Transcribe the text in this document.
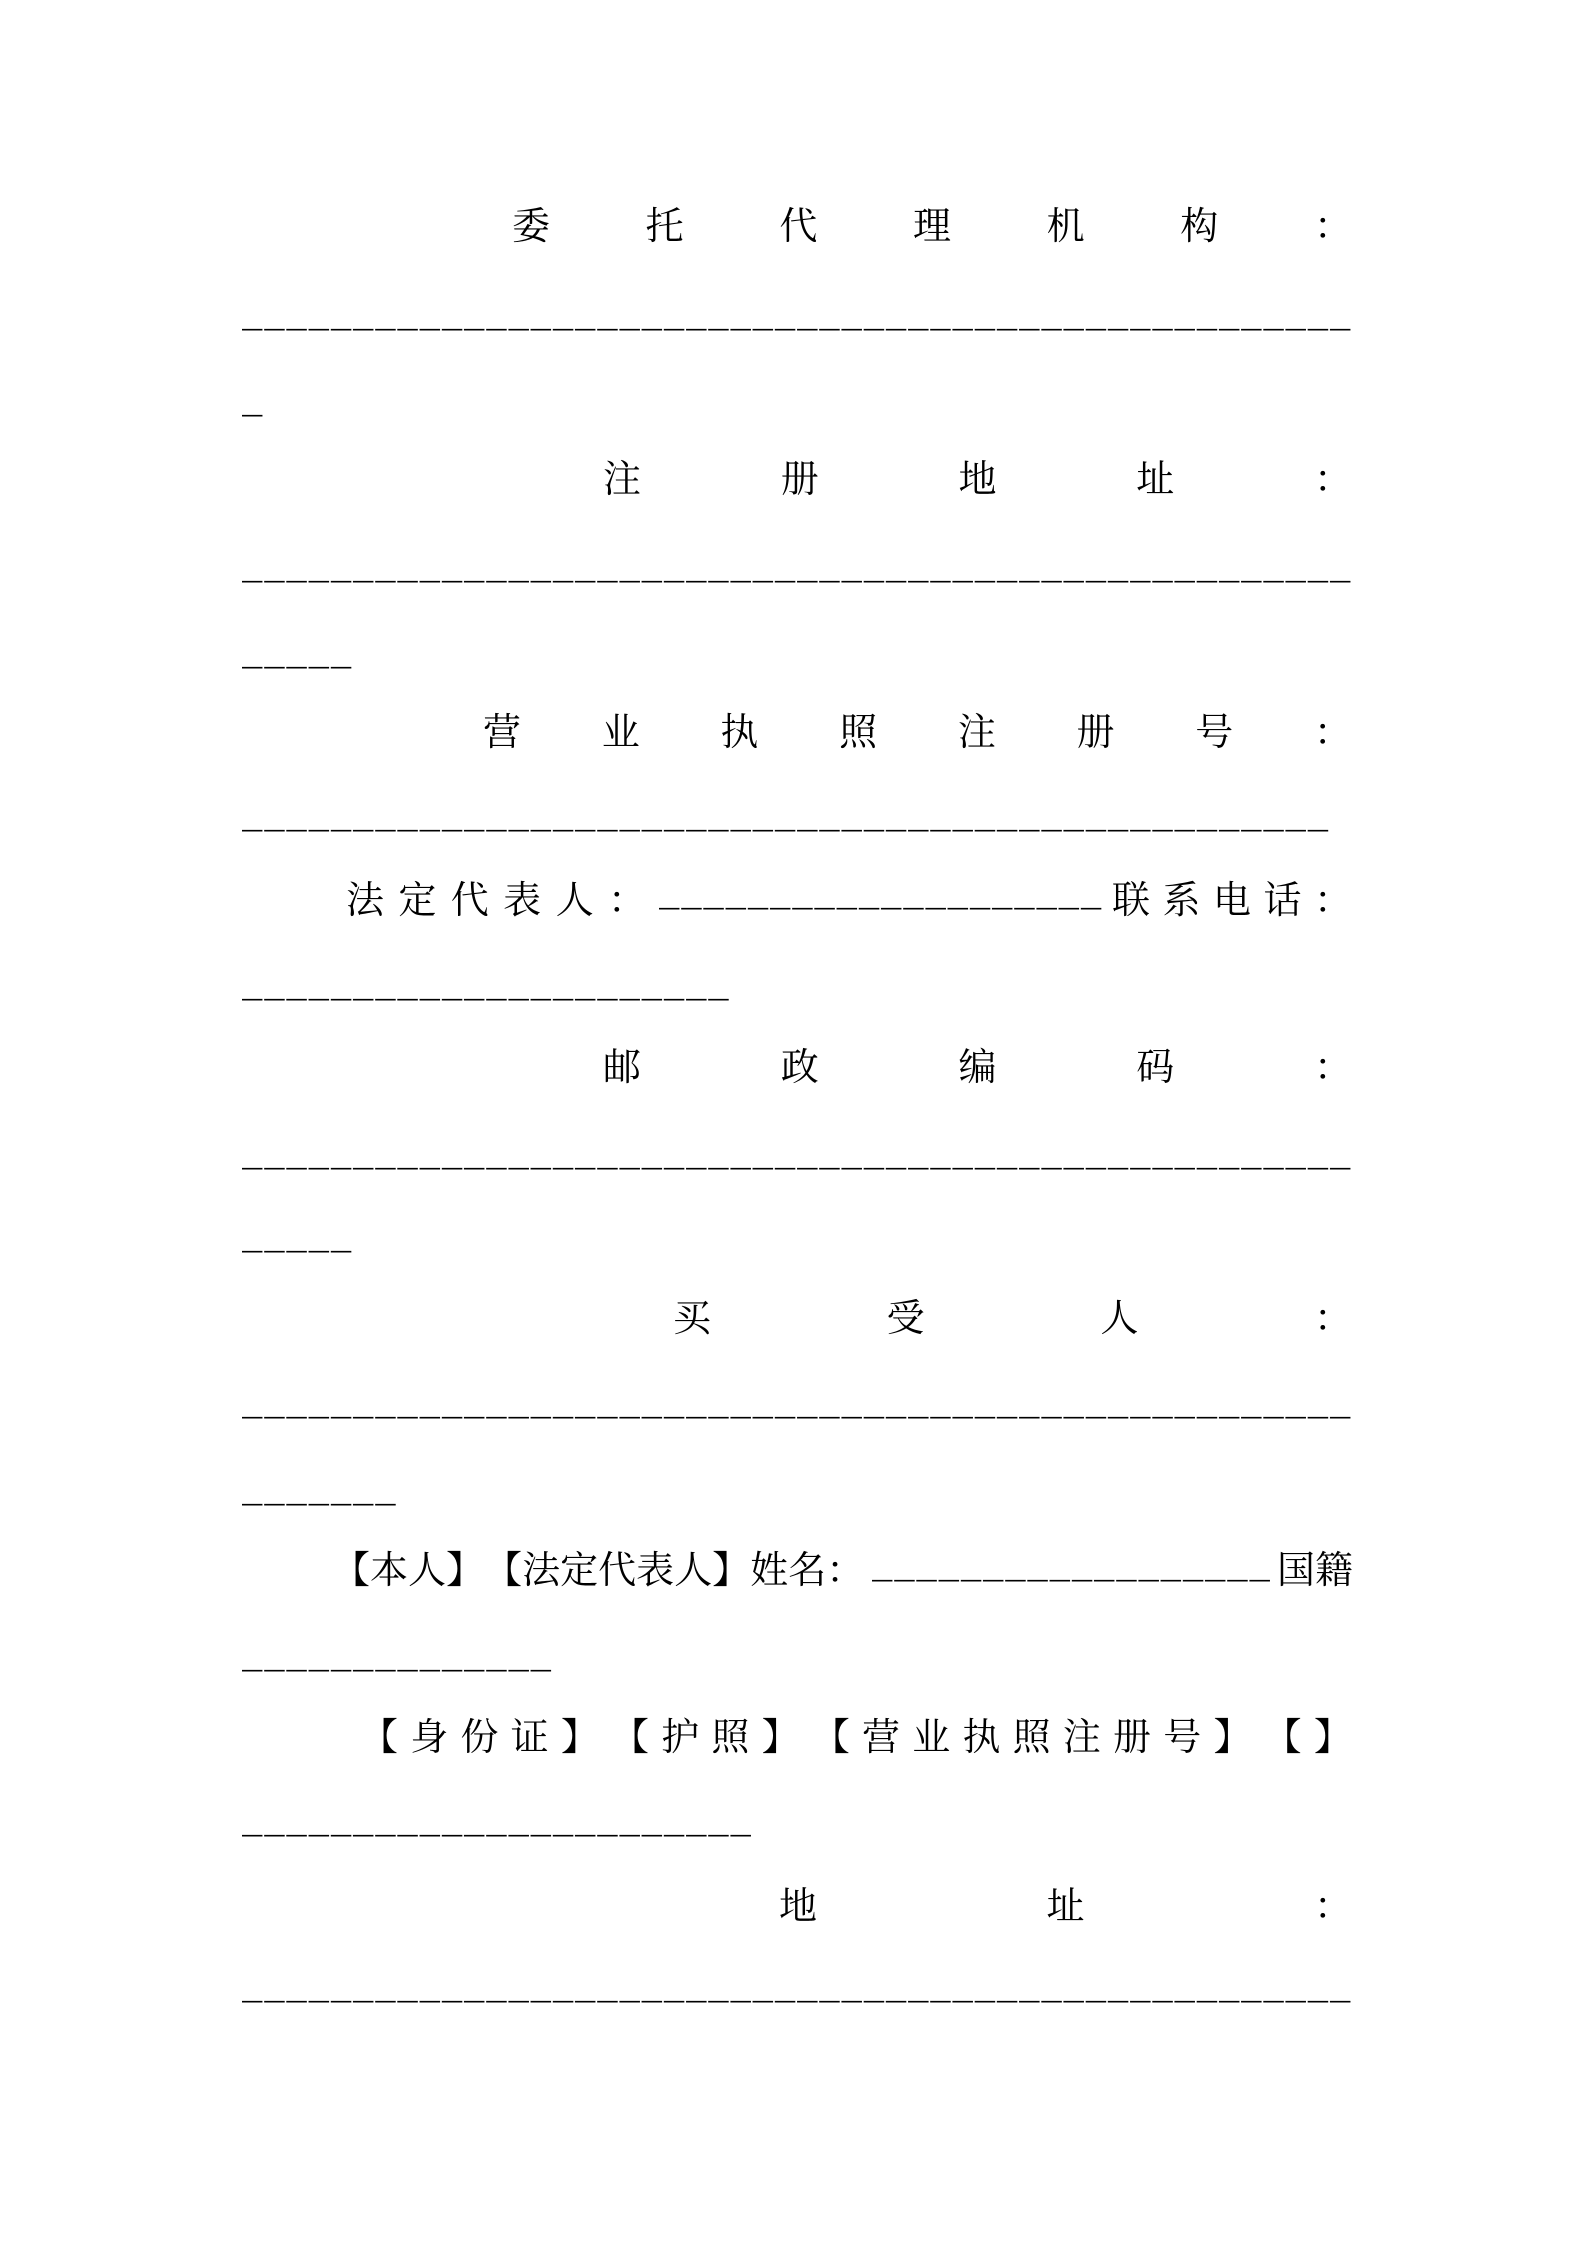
委	托	代	理	机	构	：
__________________________________________________
_
注	册	地	址	：
__________________________________________________
_____
营 业 执 照 注 册 号 ：
_________________________________________________
法 定 代 表 人 ： ____________________ 联 系 电 话 ：
______________________
邮	政	编	码	：
__________________________________________________
_____
买	受	人	：
__________________________________________________
_______
【 本 人 】 【 法 定 代 表 人 】 姓 名 ： __________________ 国 籍
______________
【 身 份 证 】 【 护 照 】 【 营 业 执 照 注 册 号 】 【 】
_______________________
地	址	：
__________________________________________________
